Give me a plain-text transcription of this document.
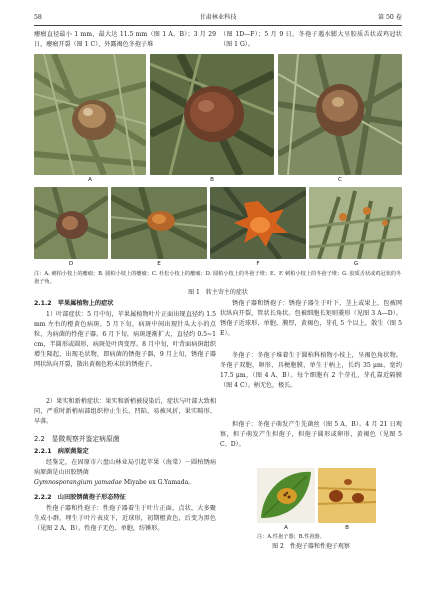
58	甘肃林业科技	第 50 卷
瘿瘤直径最小 1 mm，最大达 11.5 mm（图 1 A、B）；3 月 29 日，瘿瘤开裂（图 1 C），外露褐色冬孢子堆
（图 1D—F）；5 月 9 日，冬孢子遇水膨大呈胶质舌状或鸡冠状（图 1 G）。
A	B	C
D	E	F	G
注：A. 刺柏小枝上的瘿瘤；B. 圆柏小枝上的瘿瘤；C. 杜松小枝上的瘿瘤；D. 圆柏小枝上的冬孢子堆；E、F. 刺柏小枝上的冬孢子堆；G. 胶质舌状或鸡冠状的冬孢子角。
图 1　转主寄主的症状
2.1.2　苹果属植物上的症状
1）叶部症状：5 月中旬，苹果属植物叶片正面出现直径约 1.5 mm 左右的橙黄色病斑，5 月下旬，病斑中间出现针头大小的点粒，为病菌的性孢子器。6 月下旬，病斑逐渐扩大，直径约 0.5~1 cm，半圆形或圆形，病斑处叶肉变厚。8 月中旬，叶背面病斑组织增生隆起，出现毛状物，即病菌的锈孢子器，9 月上旬，锈孢子器网状纵向开裂，散出黄褐色粉末状的锈孢子。
2）果实和新梢症状：果实和新梢被侵染后，症状与叶部大致相同，严重时新梢病部组织停止生长、凹陷，易被风折，果实畸形、早落。
2.2　显微观察并鉴定病原菌
2.2.1　病原菌鉴定
经鉴定，在固原市六盘山林业局引起苹果（海棠）－圆柏锈病病原菌是山田胶锈菌
Gymnosporangium yamadae Miyabe ex G.Yamada。
2.2.2　山田胶锈菌孢子形态特征
性孢子器和性孢子：性孢子器着生于叶片正面，点状，大多聚生成小群，埋生于叶片表皮下，近球形，初期橙黄色，后变为黑色（见图 2 A、B）。性孢子无色、单胞，纺锤形。
锈孢子器和锈孢子：锈孢子器生于叶下、茎上或果上，包被网状纵向开裂，管状长角状。包被细胞长矩则菱形（见图 3 A—D）。锈孢子近球形，单胞，膜厚，黄褐色，芽孔 5 个以上，散生（图 5 E）。
冬孢子：冬孢子堆着生于圆柏科植物小枝上，呈褐色角状物。冬孢子双胞，卵形，具梗胞膜，单生于柄上，长约 35 μm，宽约 17.5 μm，（图 4 A、B）。每个细胞有 2 个芽孔，芽孔靠近隔膜（图 4 C）。柄无色，极长。
担孢子：冬孢子萌发产生先菌丝（图 5 A、B）。4 月 21 日观察，担子萌发产生担孢子，担孢子圆形或卵形，黄褐色（见图 5 C、D）。
A	B
注：A.性孢子器；B.性孢器。
图 2　性孢子器和性孢子观察
